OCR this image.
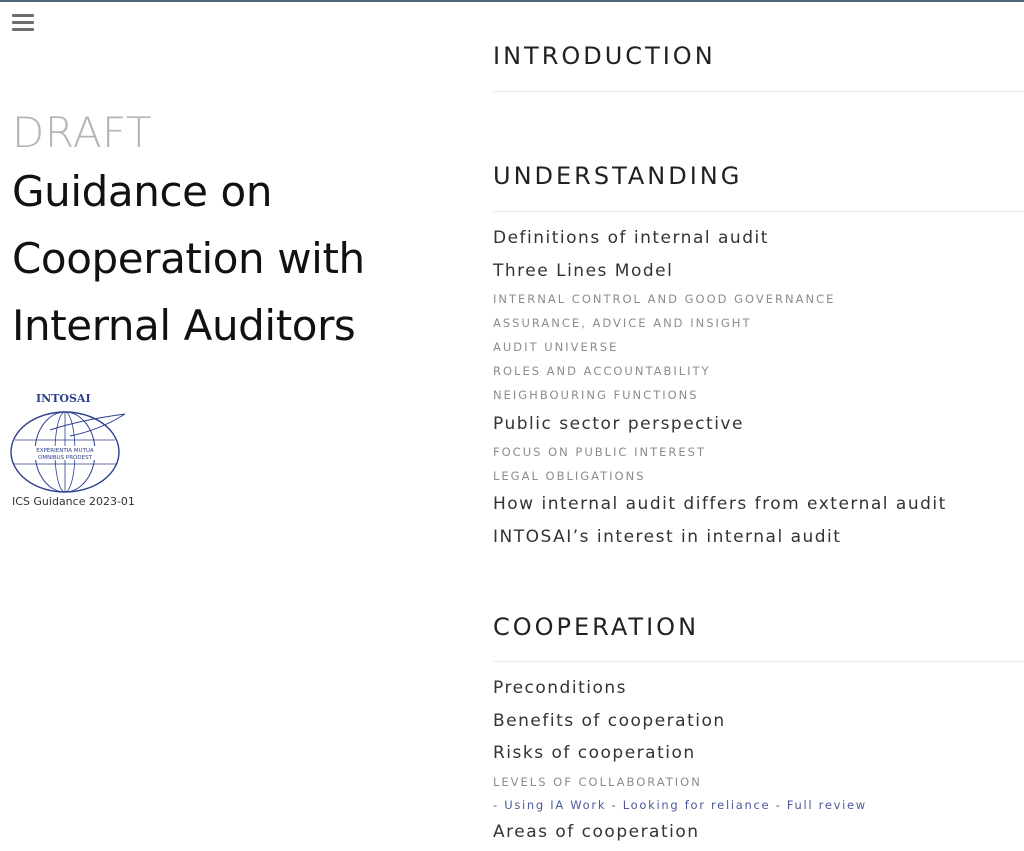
DRAFT
Guidance on
Cooperation with
Internal Auditors
INTOSAI
EXPERIENTIA MUTUA
OMNIBUS PRODEST
ICS Guidance 2023-01
INTRODUCTION
UNDERSTANDING
Definitions of internal audit
Three Lines Model
INTERNAL CONTROL AND GOOD GOVERNANCE
ASSURANCE, ADVICE AND INSIGHT
AUDIT UNIVERSE
ROLES AND ACCOUNTABILITY
NEIGHBOURING FUNCTIONS
Public sector perspective
FOCUS ON PUBLIC INTEREST
LEGAL OBLIGATIONS
How internal audit differs from external audit
INTOSAI’s interest in internal audit
COOPERATION
Preconditions
Benefits of cooperation
Risks of cooperation
LEVELS OF COLLABORATION
- Using IA Work - Looking for reliance - Full review
Areas of cooperation
